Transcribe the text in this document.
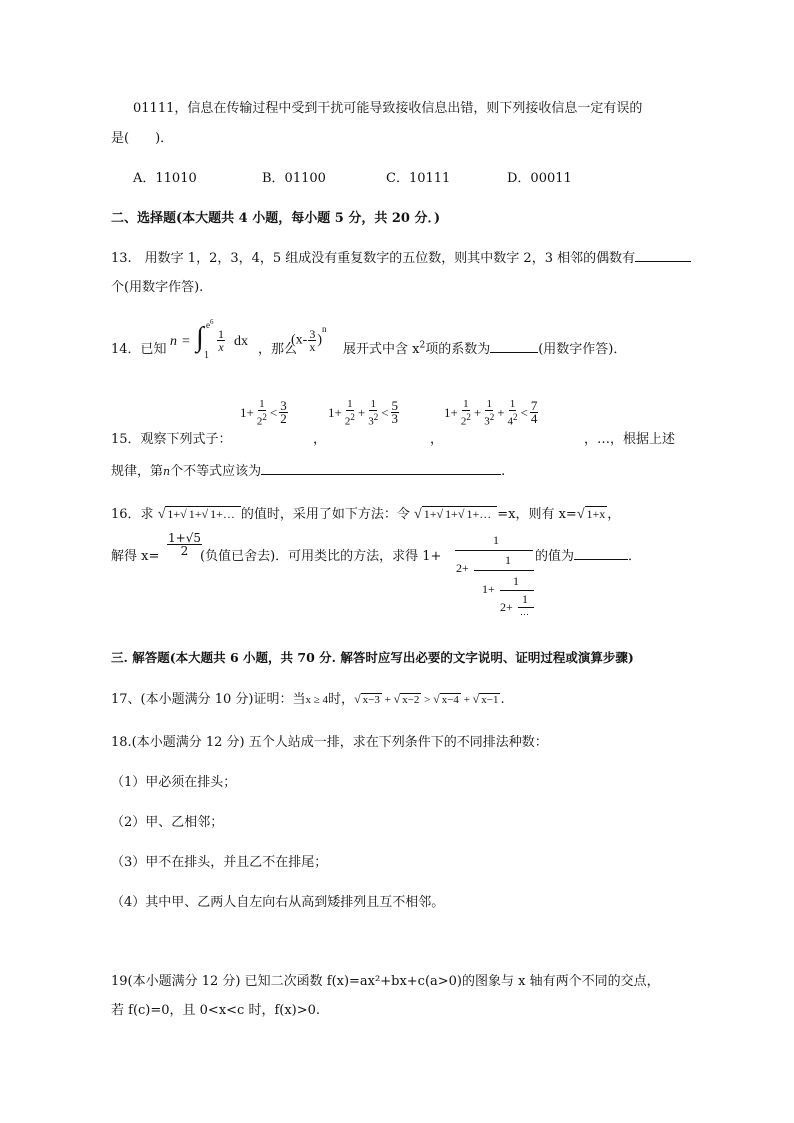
01111，信息在传输过程中受到干扰可能导致接收信息出错，则下列接收信息一定有误的
是(　　)．
A．11010	B．01100	C．10111	D．00011
二、选择题(本大题共 4 小题，每小题 5 分，共 20 分．)
13.　用数字 1，2，3，4，5 组成没有重复数字的五位数，则其中数字 2，3 相邻的偶数有
个(用数字作答).
14．已知
n = ∫ $e^6$
1
$\frac{1}{x}$ dx
，那么
$(x- \frac{3}{x} )^n$
展开式中含 $x^2$项的系数为	(用数字作答)．
15．观察下列式子：
$1+ \frac{1}{2^2} < \frac{3}{2}$
，
$1+ \frac{1}{2^2} + \frac{1}{3^2} < \frac{5}{3}$
，
$1+ \frac{1}{2^2} + \frac{1}{3^2} + \frac{1}{4^2} < \frac{7}{4}$
，…，根据上述
规律，第n个不等式应该为	.
16．求 √ 1+√ 1+√ 1+… 的值时，采用了如下方法：令 √ 1+√ 1+√ 1+… =x，则有 x=√ 1+x ，
解得 $x= \frac{1+√5}{2}$
(负值已舍去)．可用类比的方法，求得 1+
1
2+
1
1+
1
2+
1
…
的值为	．
三. 解答题(本大题共 6 小题，共 70 分. 解答时应写出必要的文字说明、证明过程或演算步骤)
17、(本小题满分 10 分)证明：当x ≥ 4时，√ x−3 + √ x−2 > √ x−4 + √ x−1 .
18.(本小题满分 12 分) 五个人站成一排，求在下列条件下的不同排法种数：
（1）甲必须在排头；
（2）甲、乙相邻；
（3）甲不在排头，并且乙不在排尾；
（4）其中甲、乙两人自左向右从高到矮排列且互不相邻。
19(本小题满分 12 分) 已知二次函数 f(x)=ax²+bx+c(a>0)的图象与 x 轴有两个不同的交点，
若 f(c)=0，且 0<x<c 时，f(x)>0.
